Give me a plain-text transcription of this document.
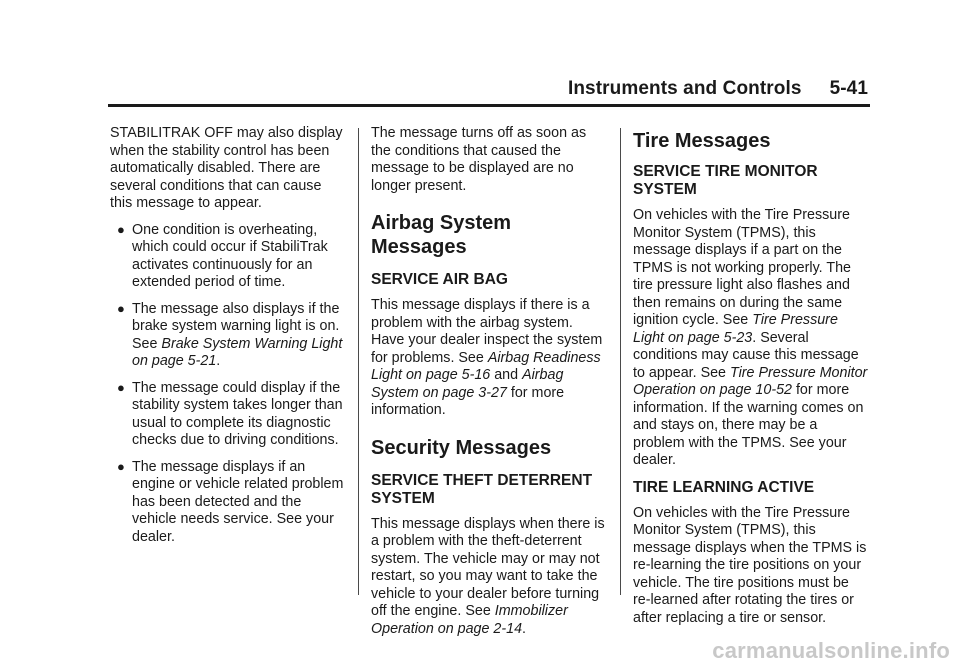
Instruments and Controls 5-41

STABILITRAK OFF may also display when the stability control has been automatically disabled. There are several conditions that can cause this message to appear.

● One condition is overheating, which could occur if StabiliTrak activates continuously for an extended period of time.
● The message also displays if the brake system warning light is on. See Brake System Warning Light on page 5-21.
● The message could display if the stability system takes longer than usual to complete its diagnostic checks due to driving conditions.
● The message displays if an engine or vehicle related problem has been detected and the vehicle needs service. See your dealer.

The message turns off as soon as the conditions that caused the message to be displayed are no longer present.

Airbag System Messages
SERVICE AIR BAG

This message displays if there is a problem with the airbag system. Have your dealer inspect the system for problems. See Airbag Readiness Light on page 5-16 and Airbag System on page 3-27 for more information.

Security Messages
SERVICE THEFT DETERRENT SYSTEM

This message displays when there is a problem with the theft-deterrent system. The vehicle may or may not restart, so you may want to take the vehicle to your dealer before turning off the engine. See Immobilizer Operation on page 2-14.

Tire Messages
SERVICE TIRE MONITOR SYSTEM

On vehicles with the Tire Pressure Monitor System (TPMS), this message displays if a part on the TPMS is not working properly. The tire pressure light also flashes and then remains on during the same ignition cycle. See Tire Pressure Light on page 5-23. Several conditions may cause this message to appear. See Tire Pressure Monitor Operation on page 10-52 for more information. If the warning comes on and stays on, there may be a problem with the TPMS. See your dealer.

TIRE LEARNING ACTIVE

On vehicles with the Tire Pressure Monitor System (TPMS), this message displays when the TPMS is re-learning the tire positions on your vehicle. The tire positions must be re-learned after rotating the tires or after replacing a tire or sensor.

carmanualsonline.info
